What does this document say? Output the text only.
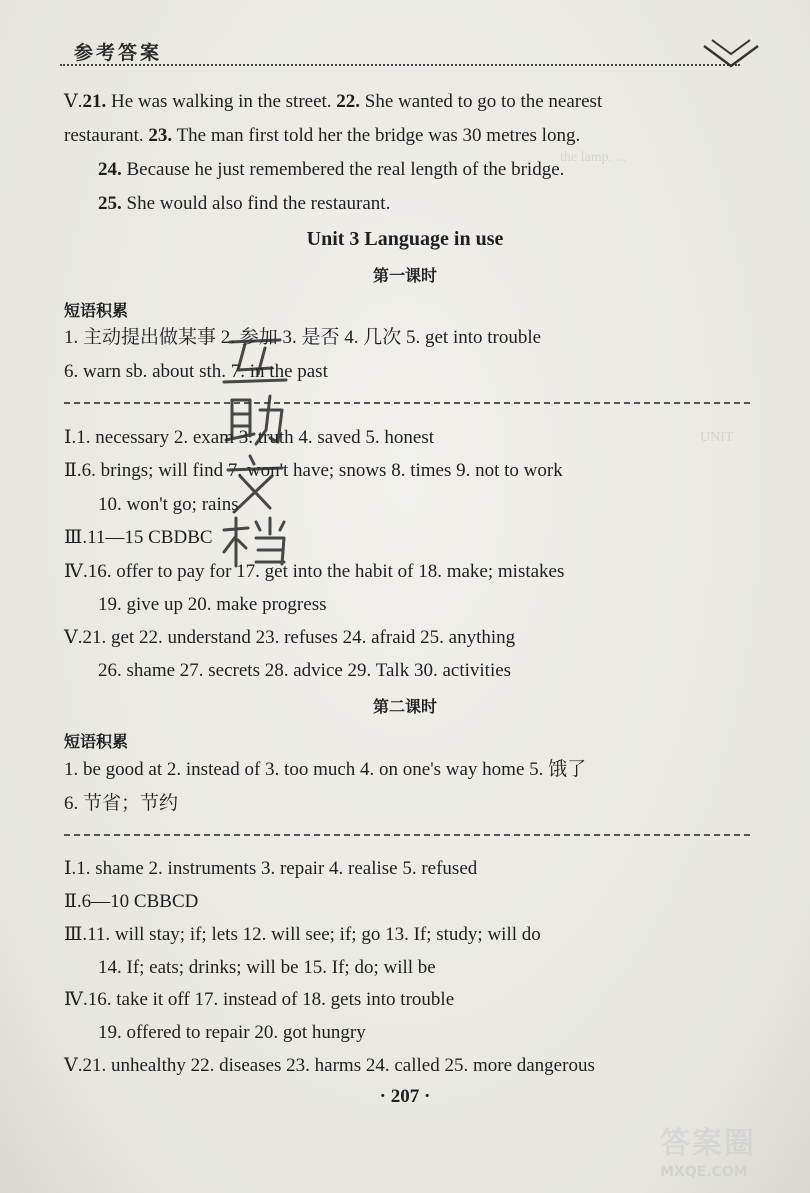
the lamp. ...
UNIT
参考答案
Ⅴ.21. He was walking in the street. 22. She wanted to go to the nearest
restaurant. 23. The man first told her the bridge was 30 metres long.
24. Because he just remembered the real length of the bridge.
25. She would also find the restaurant.
Unit 3 Language in use
第一课时
短语积累
1. 主动提出做某事 2. 参加 3. 是否 4. 几次 5. get into trouble
6. warn sb. about sth. 7. in the past
Ⅰ.1. necessary 2. exam 3. truth 4. saved 5. honest
Ⅱ.6. brings; will find 7. won't have; snows 8. times 9. not to work
10. won't go; rains
Ⅲ.11—15 CBDBC
Ⅳ.16. offer to pay for 17. get into the habit of 18. make; mistakes
19. give up 20. make progress
Ⅴ.21. get 22. understand 23. refuses 24. afraid 25. anything
26. shame 27. secrets 28. advice 29. Talk 30. activities
第二课时
短语积累
1. be good at 2. instead of 3. too much 4. on one's way home 5. 饿了
6. 节省；节约
Ⅰ.1. shame 2. instruments 3. repair 4. realise 5. refused
Ⅱ.6—10 CBBCD
Ⅲ.11. will stay; if; lets 12. will see; if; go 13. If; study; will do
14. If; eats; drinks; will be 15. If; do; will be
Ⅳ.16. take it off 17. instead of 18. gets into trouble
19. offered to repair 20. got hungry
Ⅴ.21. unhealthy 22. diseases 23. harms 24. called 25. more dangerous
· 207 ·
答案圈
MXQE.COM
